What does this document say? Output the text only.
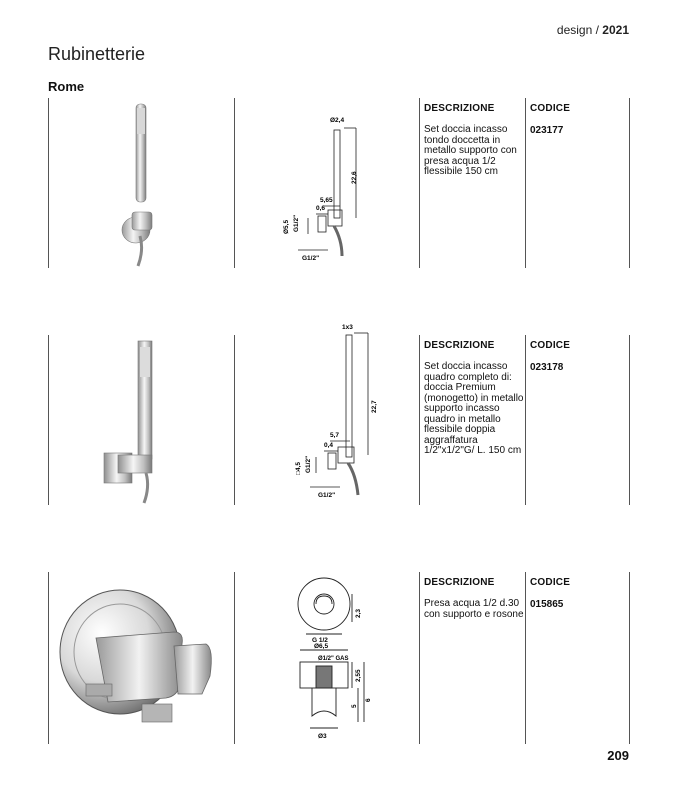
design / 2021
Rubinetterie
Rome
Ø2,4
22,6
5,65
0,6
Ø5,5 G1/2"
G1/2"
DESCRIZIONE	CODICE
Set doccia incasso tondo doccetta in metallo supporto con presa acqua 1/2 flessibile 150 cm
023177
1x3
22,7
5,7
0,4
□4,5 G1/2"
G1/2"
DESCRIZIONE	CODICE
Set doccia incasso quadro completo di: doccia Premium (monogetto) in metallo supporto incasso quadro in metallo flessibile doppia aggraffatura 1/2"x1/2"G/ L. 150 cm
023178
2,3
G 1/2
Ø6,5
Ø1/2" GAS
2,55
5
6
Ø3
DESCRIZIONE	CODICE
Presa acqua 1/2 d.30 con supporto e rosone
015865
209
